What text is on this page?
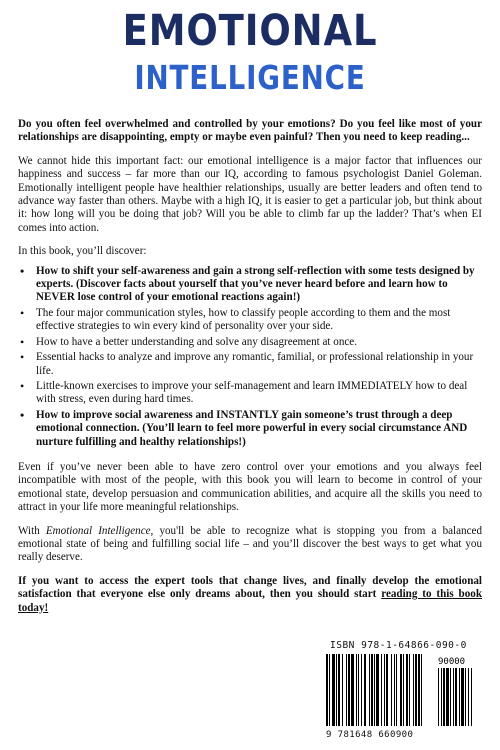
EMOTIONAL
INTELLIGENCE

Do you often feel overwhelmed and controlled by your emotions? Do you feel like most of your relationships are disappointing, empty or maybe even painful? Then you need to keep reading...

We cannot hide this important fact: our emotional intelligence is a major factor that influences our happiness and success – far more than our IQ, according to famous psychologist Daniel Goleman. Emotionally intelligent people have healthier relationships, usually are better leaders and often tend to advance way faster than others. Maybe with a high IQ, it is easier to get a particular job, but think about it: how long will you be doing that job? Will you be able to climb far up the ladder? That’s when EI comes into action.

In this book, you’ll discover:

• How to shift your self-awareness and gain a strong self-reflection with some tests designed by experts. (Discover facts about yourself that you’ve never heard before and learn how to NEVER lose control of your emotional reactions again!)
• The four major communication styles, how to classify people according to them and the most effective strategies to win every kind of personality over your side.
• How to have a better understanding and solve any disagreement at once.
• Essential hacks to analyze and improve any romantic, familial, or professional relationship in your life.
• Little-known exercises to improve your self-management and learn IMMEDIATELY how to deal with stress, even during hard times.
• How to improve social awareness and INSTANTLY gain someone’s trust through a deep emotional connection. (You’ll learn to feel more powerful in every social circumstance AND nurture fulfilling and healthy relationships!)

Even if you’ve never been able to have zero control over your emotions and you always feel incompatible with most of the people, with this book you will learn to become in control of your emotional state, develop persuasion and communication abilities, and acquire all the skills you need to attract in your life more meaningful relationships.

With Emotional Intelligence, you'll be able to recognize what is stopping you from a balanced emotional state of being and fulfilling social life – and you’ll discover the best ways to get what you really deserve.

If you want to access the expert tools that change lives, and finally develop the emotional satisfaction that everyone else only dreams about, then you should start reading to this book today!

ISBN 978-1-64866-090-0
90000
9 781648 660900
